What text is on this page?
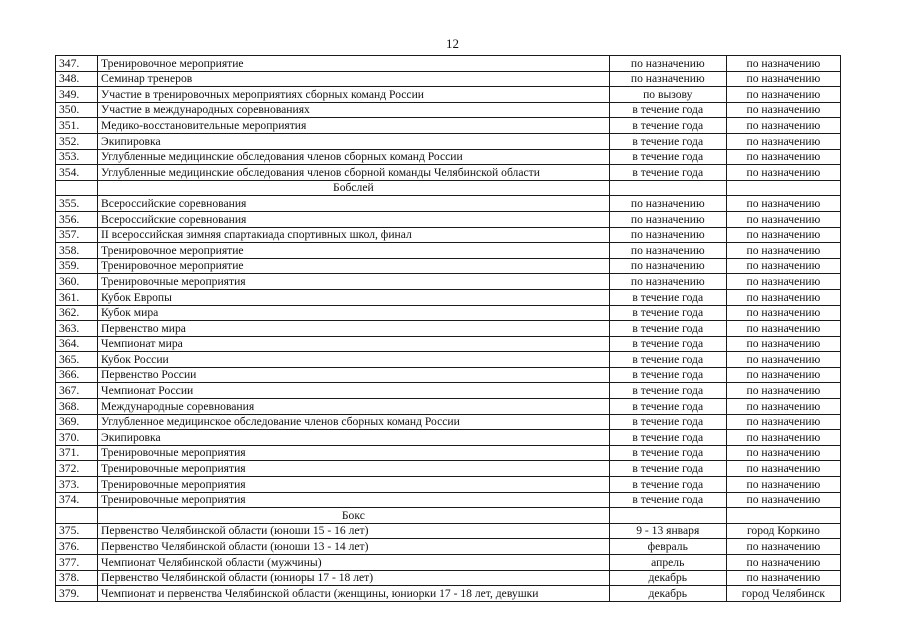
12
347.	Тренировочное мероприятие	по назначению	по назначению
348.	Семинар тренеров	по назначению	по назначению
349.	Участие в тренировочных мероприятиях сборных команд России	по вызову	по назначению
350.	Участие в международных соревнованиях	в течение года	по назначению
351.	Медико-восстановительные мероприятия	в течение года	по назначению
352.	Экипировка	в течение года	по назначению
353.	Углубленные медицинские обследования членов сборных команд России	в течение года	по назначению
354.	Углубленные медицинские обследования членов сборной команды Челябинской области	в течение года	по назначению
	Бобслей		
355.	Всероссийские соревнования	по назначению	по назначению
356.	Всероссийские соревнования	по назначению	по назначению
357.	II всероссийская зимняя спартакиада спортивных школ, финал	по назначению	по назначению
358.	Тренировочное мероприятие	по назначению	по назначению
359.	Тренировочное мероприятие	по назначению	по назначению
360.	Тренировочные мероприятия	по назначению	по назначению
361.	Кубок Европы	в течение года	по назначению
362.	Кубок мира	в течение года	по назначению
363.	Первенство мира	в течение года	по назначению
364.	Чемпионат мира	в течение года	по назначению
365.	Кубок России	в течение года	по назначению
366.	Первенство России	в течение года	по назначению
367.	Чемпионат России	в течение года	по назначению
368.	Международные соревнования	в течение года	по назначению
369.	Углубленное медицинское обследование членов сборных команд России	в течение года	по назначению
370.	Экипировка	в течение года	по назначению
371.	Тренировочные мероприятия	в течение года	по назначению
372.	Тренировочные мероприятия	в течение года	по назначению
373.	Тренировочные мероприятия	в течение года	по назначению
374.	Тренировочные мероприятия	в течение года	по назначению
	Бокс		
375.	Первенство Челябинской области (юноши 15 - 16 лет)	9 - 13 января	город Коркино
376.	Первенство Челябинской области (юноши 13 - 14 лет)	февраль	по назначению
377.	Чемпионат Челябинской области (мужчины)	апрель	по назначению
378.	Первенство Челябинской области (юниоры 17 - 18 лет)	декабрь	по назначению
379.	Чемпионат и первенства Челябинской области (женщины, юниорки 17 - 18 лет, девушки	декабрь	город Челябинск
